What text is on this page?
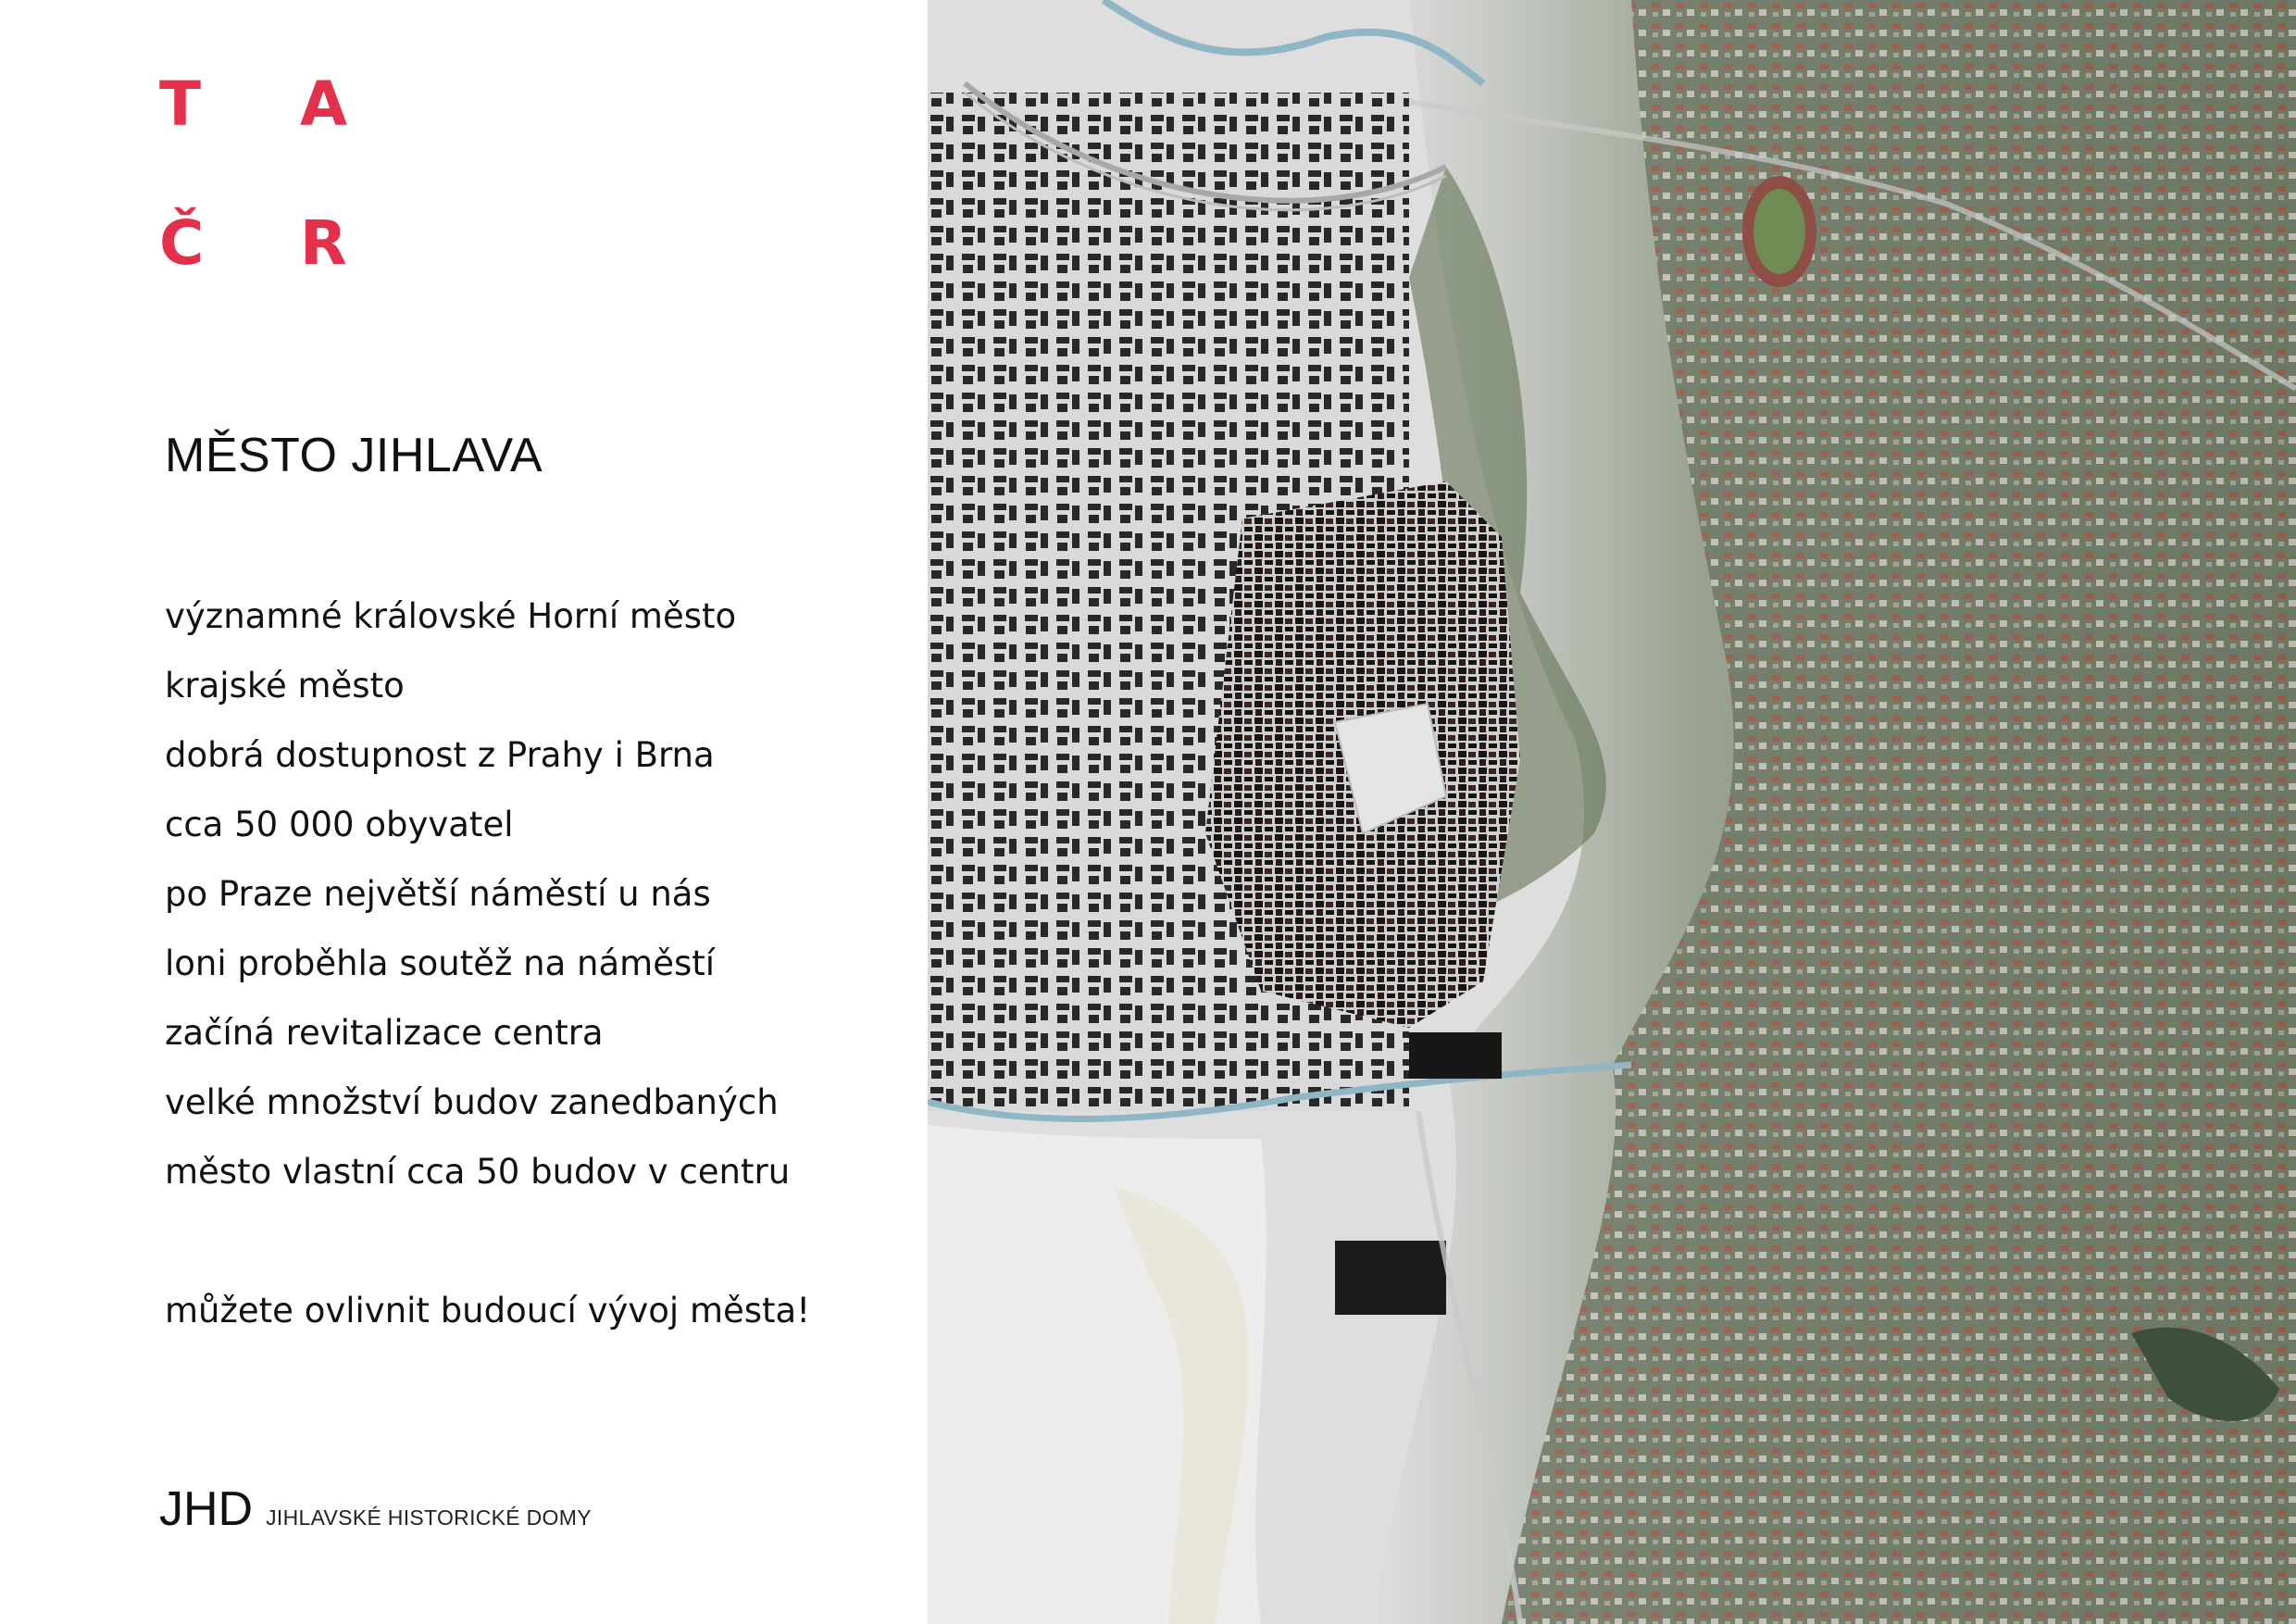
T A
Č R
MĚSTO JIHLAVA
významné královské Horní město
krajské město
dobrá dostupnost z Prahy i Brna
cca 50 000 obyvatel
po Praze největší náměstí u nás
loni proběhla soutěž na náměstí
začíná revitalizace centra
velké množství budov zanedbaných
město vlastní cca 50 budov v centru
můžete ovlivnit budoucí vývoj města!
JHD JIHLAVSKÉ HISTORICKÉ DOMY
